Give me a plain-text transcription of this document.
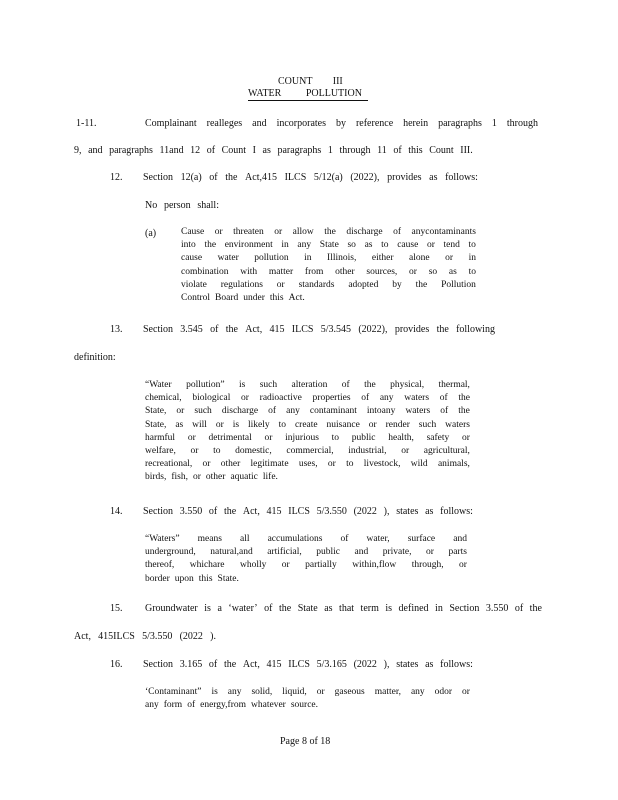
COUNT III
WATER POLLUTION
1-11.	Complainant realleges and incorporates by reference herein paragraphs 1 through
9, and paragraphs 11and 12 of Count I as paragraphs 1 through 11 of this Count III.
12. Section 12(a) of the Act,415 ILCS 5/12(a) (2022), provides as follows:
No person shall:
(a)	Cause or threaten or allow the discharge of anycontaminants
into the environment in any State so as to cause or tend to
cause water pollution in Illinois, either alone or in
combination with matter from other sources, or so as to
violate regulations or standards adopted by the Pollution
Control Board under this Act.
13. Section 3.545 of the Act, 415 ILCS 5/3.545 (2022), provides the following
definition:
“Water pollution” is such alteration of the physical, thermal,
chemical, biological or radioactive properties of any waters of the
State, or such discharge of any contaminant intoany waters of the
State, as will or is likely to create nuisance or render such waters
harmful or detrimental or injurious to public health, safety or
welfare, or to domestic, commercial, industrial, or agricultural,
recreational, or other legitimate uses, or to livestock, wild animals,
birds, fish, or other aquatic life.
14. Section 3.550 of the Act, 415 ILCS 5/3.550 (2022 ), states as follows:
“Waters” means all accumulations of water, surface and
underground, natural,and artificial, public and private, or parts
thereof, whichare wholly or partially within,flow through, or
border upon this State.
15. Groundwater is a ‘water’ of the State as that term is defined in Section 3.550 of the
Act, 415ILCS 5/3.550 (2022 ).
16. Section 3.165 of the Act, 415 ILCS 5/3.165 (2022 ), states as follows:
‘Contaminant” is any solid, liquid, or gaseous matter, any odor or
any form of energy,from whatever source.
Page 8 of 18
